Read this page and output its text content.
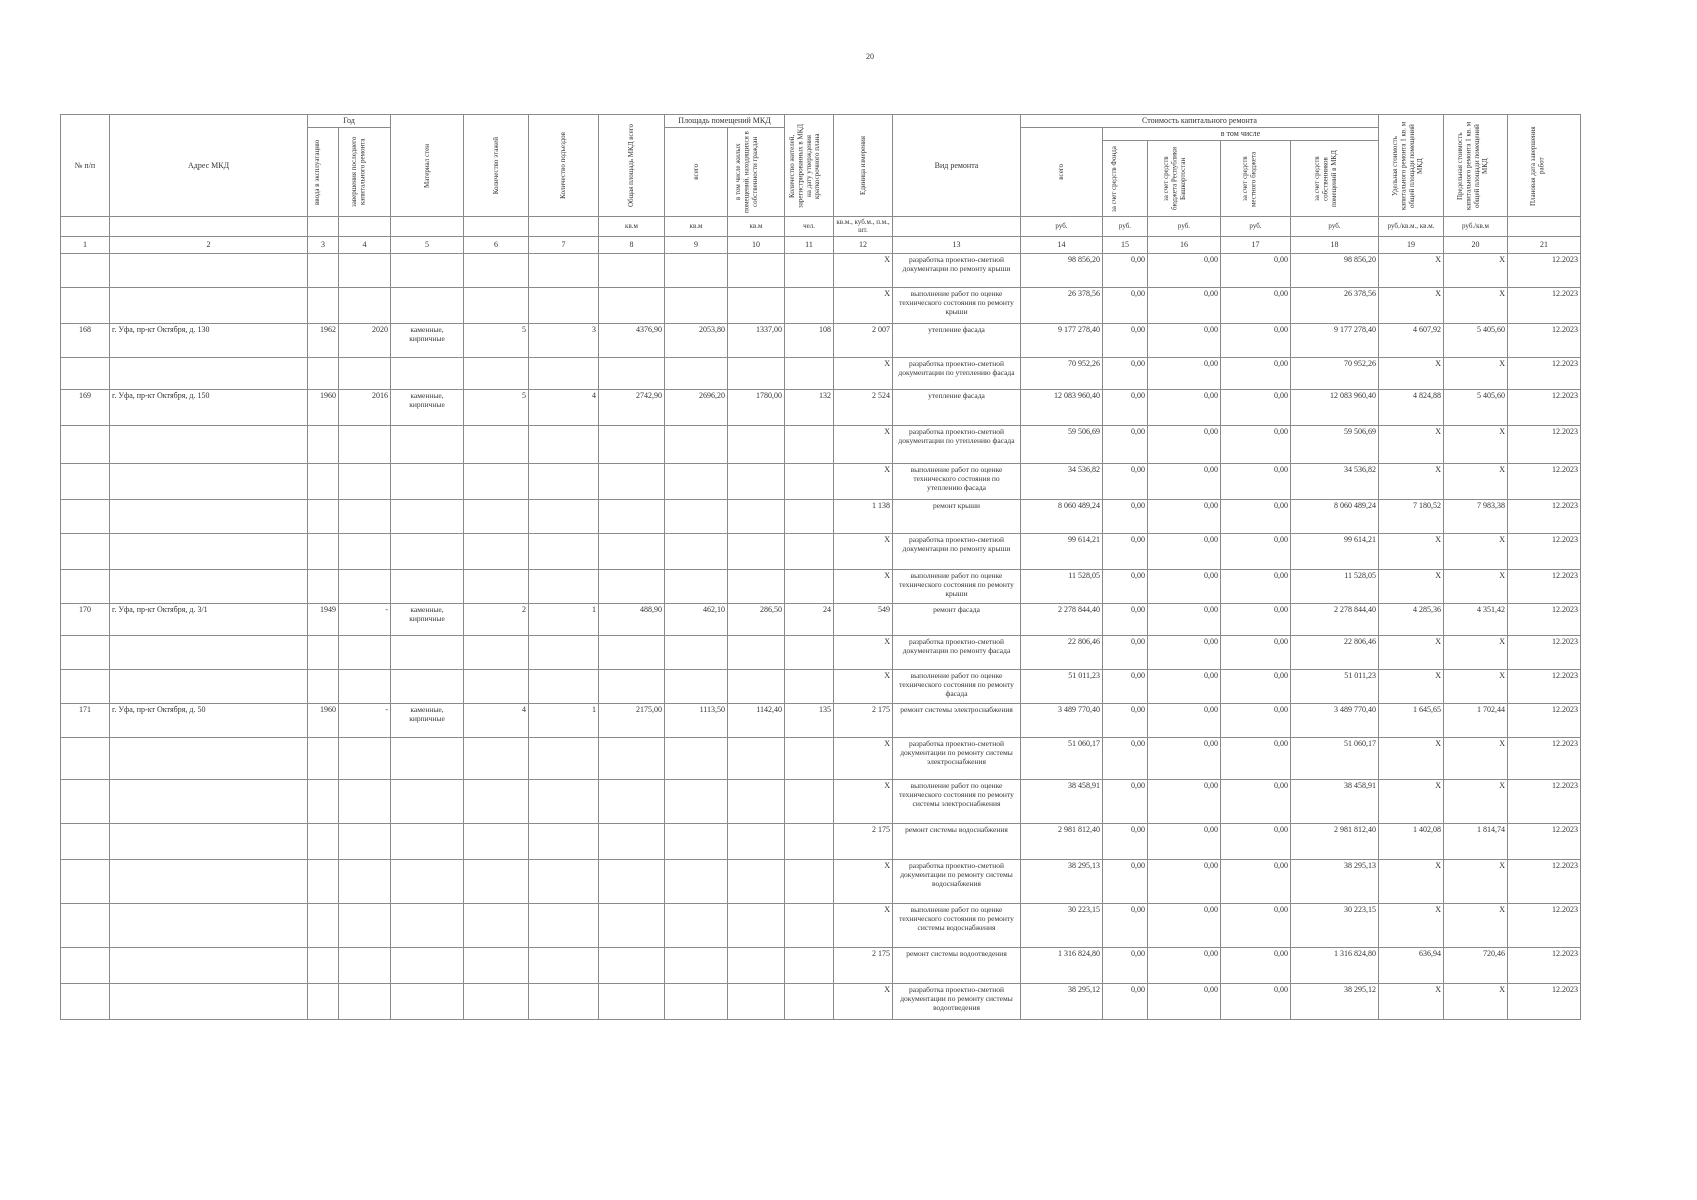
20
№ п/п	Адрес МКД	Год		Материал стен	Количество этажей	Количество подъездов	Общая площадь МКД всего	Площадь помещений МКД		Количество жителей, зарегистрированных в МКД на дату утверждения краткосрочного плана	Единица измерения	Вид ремонта	Стоимость капитального ремонта					Удельная стоимость капитального ремонта 1 кв. м общей площади помещений МКД	Предельная стоимость капитального ремонта 1 кв. м общей площади помещений МКД	Плановая дата завершения работ

		ввода в эксплуатацию	завершения последнего капитального ремонта					всего	в том числе жилых помещений, находящихся в собственности граждан				всего	в том числе						

														за счет средств Фонда	за счет средств бюджета Республики Башкортостан	за счет средств местного бюджета	за счет средств собственников помещений в МКД			

							кв.м	кв.м	кв.м	чел.	кв.м., куб.м., п.м., шт.		руб.	руб.	руб.	руб.	руб.	руб./кв.м., кв.м.	руб./кв.м	
1	2	3	4	5	6	7	8	9	10	11	12	13	14	15	16	17	18	19	20	21
											X	разработка проектно-сметной документации по ремонту крыши	98 856,20	0,00	0,00	0,00	98 856,20	X	X	12.2023
											X	выполнение работ по оценке технического состояния по ремонту крыши	26 378,56	0,00	0,00	0,00	26 378,56	X	X	12.2023
168	г. Уфа, пр-кт Октября, д. 130	1962	2020	каменные, кирпичные	5	3	4376,90	2053,80	1337,00	108	2 007	утепление фасада	9 177 278,40	0,00	0,00	0,00	9 177 278,40	4 607,92	5 405,60	12.2023
											X	разработка проектно-сметной документации по утеплению фасада	70 952,26	0,00	0,00	0,00	70 952,26	X	X	12.2023
169	г. Уфа, пр-кт Октября, д. 150	1960	2016	каменные, кирпичные	5	4	2742,90	2696,20	1780,00	132	2 524	утепление фасада	12 083 960,40	0,00	0,00	0,00	12 083 960,40	4 824,88	5 405,60	12.2023
											X	разработка проектно-сметной документации по утеплению фасада	59 506,69	0,00	0,00	0,00	59 506,69	X	X	12.2023
											X	выполнение работ по оценке технического состояния по утеплению фасада	34 536,82	0,00	0,00	0,00	34 536,82	X	X	12.2023
											1 138	ремонт крыши	8 060 489,24	0,00	0,00	0,00	8 060 489,24	7 180,52	7 983,38	12.2023
											X	разработка проектно-сметной документации по ремонту крыши	99 614,21	0,00	0,00	0,00	99 614,21	X	X	12.2023
											X	выполнение работ по оценке технического состояния по ремонту крыши	11 528,05	0,00	0,00	0,00	11 528,05	X	X	12.2023
170	г. Уфа, пр-кт Октября, д. 3/1	1949	-	каменные, кирпичные	2	1	488,90	462,10	286,50	24	549	ремонт фасада	2 278 844,40	0,00	0,00	0,00	2 278 844,40	4 285,36	4 351,42	12.2023
											X	разработка проектно-сметной документации по ремонту фасада	22 806,46	0,00	0,00	0,00	22 806,46	X	X	12.2023
											X	выполнение работ по оценке технического состояния по ремонту фасада	51 011,23	0,00	0,00	0,00	51 011,23	X	X	12.2023
171	г. Уфа, пр-кт Октября, д. 50	1960	-	каменные, кирпичные	4	1	2175,00	1113,50	1142,40	135	2 175	ремонт системы электроснабжения	3 489 770,40	0,00	0,00	0,00	3 489 770,40	1 645,65	1 702,44	12.2023
											X	разработка проектно-сметной документации по ремонту системы электроснабжения	51 060,17	0,00	0,00	0,00	51 060,17	X	X	12.2023
											X	выполнение работ по оценке технического состояния по ремонту системы электроснабжения	38 458,91	0,00	0,00	0,00	38 458,91	X	X	12.2023
											2 175	ремонт системы водоснабжения	2 981 812,40	0,00	0,00	0,00	2 981 812,40	1 402,08	1 814,74	12.2023
											X	разработка проектно-сметной документации по ремонту системы водоснабжения	38 295,13	0,00	0,00	0,00	38 295,13	X	X	12.2023
											X	выполнение работ по оценке технического состояния по ремонту системы водоснабжения	30 223,15	0,00	0,00	0,00	30 223,15	X	X	12.2023
											2 175	ремонт системы водоотведения	1 316 824,80	0,00	0,00	0,00	1 316 824,80	636,94	720,46	12.2023
											X	разработка проектно-сметной документации по ремонту системы водоотведения	38 295,12	0,00	0,00	0,00	38 295,12	X	X	12.2023
